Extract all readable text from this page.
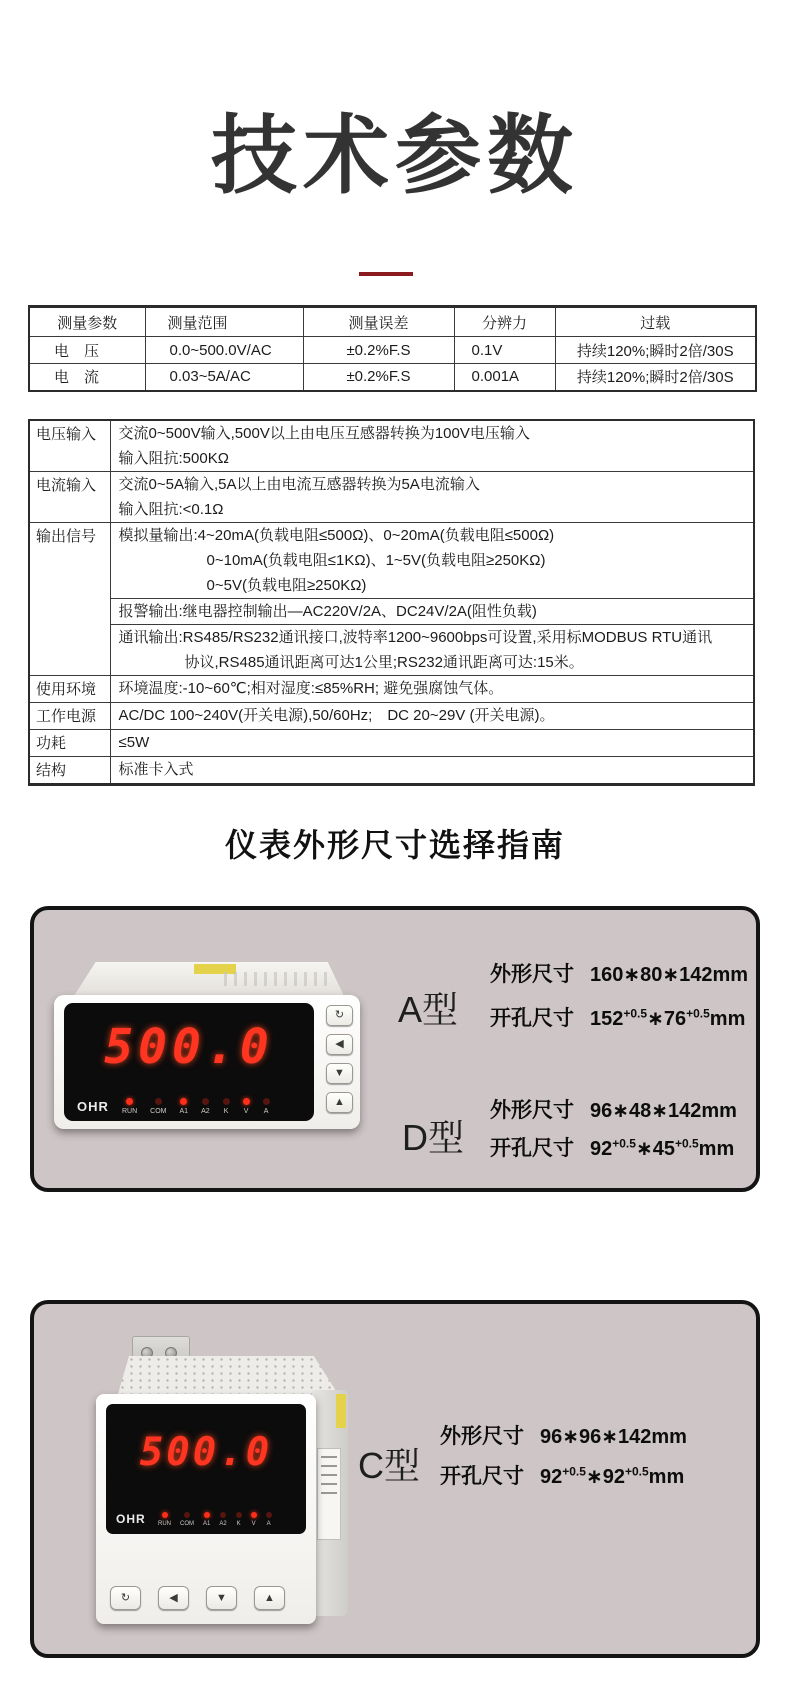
技术参数
测量参数	测量范围	测量误差	分辨力	过载
电　压	0.0~500.0V/AC	±0.2%F.S	0.1V	持续120%;瞬时2倍/30S
电　流	0.03~5A/AC	±0.2%F.S	0.001A	持续120%;瞬时2倍/30S
电压输入	交流0~500V输入,500V以上由电压互感器转换为100V电压输入
输入阻抗:500KΩ

电流输入	交流0~5A输入,5A以上由电流互感器转换为5A电流输入
输入阻抗:<0.1Ω

输出信号	模拟量输出:4~20mA(负载电阻≤500Ω)、0~20mA(负载电阻≤500Ω)
0~10mA(负载电阻≤1KΩ)、1~5V(负载电阻≥250KΩ)
0~5V(负载电阻≥250KΩ)

	报警输出:继电器控制输出—AC220V/2A、DC24V/2A(阻性负载)

	通讯输出:RS485/RS232通讯接口,波特率1200~9600bps可设置,采用标MODBUS RTU通讯
协议,RS485通讯距离可达1公里;RS232通讯距离可达:15米。

使用环境	环境温度:-10~60℃;相对湿度:≤85%RH; 避免强腐蚀气体。

工作电源	AC/DC 100~240V(开关电源),50/60Hz;　DC 20~29V (开关电源)。

功耗	≤5W

结构	标准卡入式
仪表外形尺寸选择指南
500.0
OHR RUN COM A1 A2 K V A
↻
◀
▼
▲
A型
外形尺寸 160∗80∗142mm
开孔尺寸 $152^{+0.5}∗76^{+0.5}mm$
D型
外形尺寸 96∗48∗142mm
开孔尺寸 $92^{+0.5}∗45^{+0.5}mm$
500.0
OHR RUN COM A1 A2 K V A
↻	◀	▼	▲
C型
外形尺寸 96∗96∗142mm
开孔尺寸 $92^{+0.5}∗92^{+0.5}mm$
